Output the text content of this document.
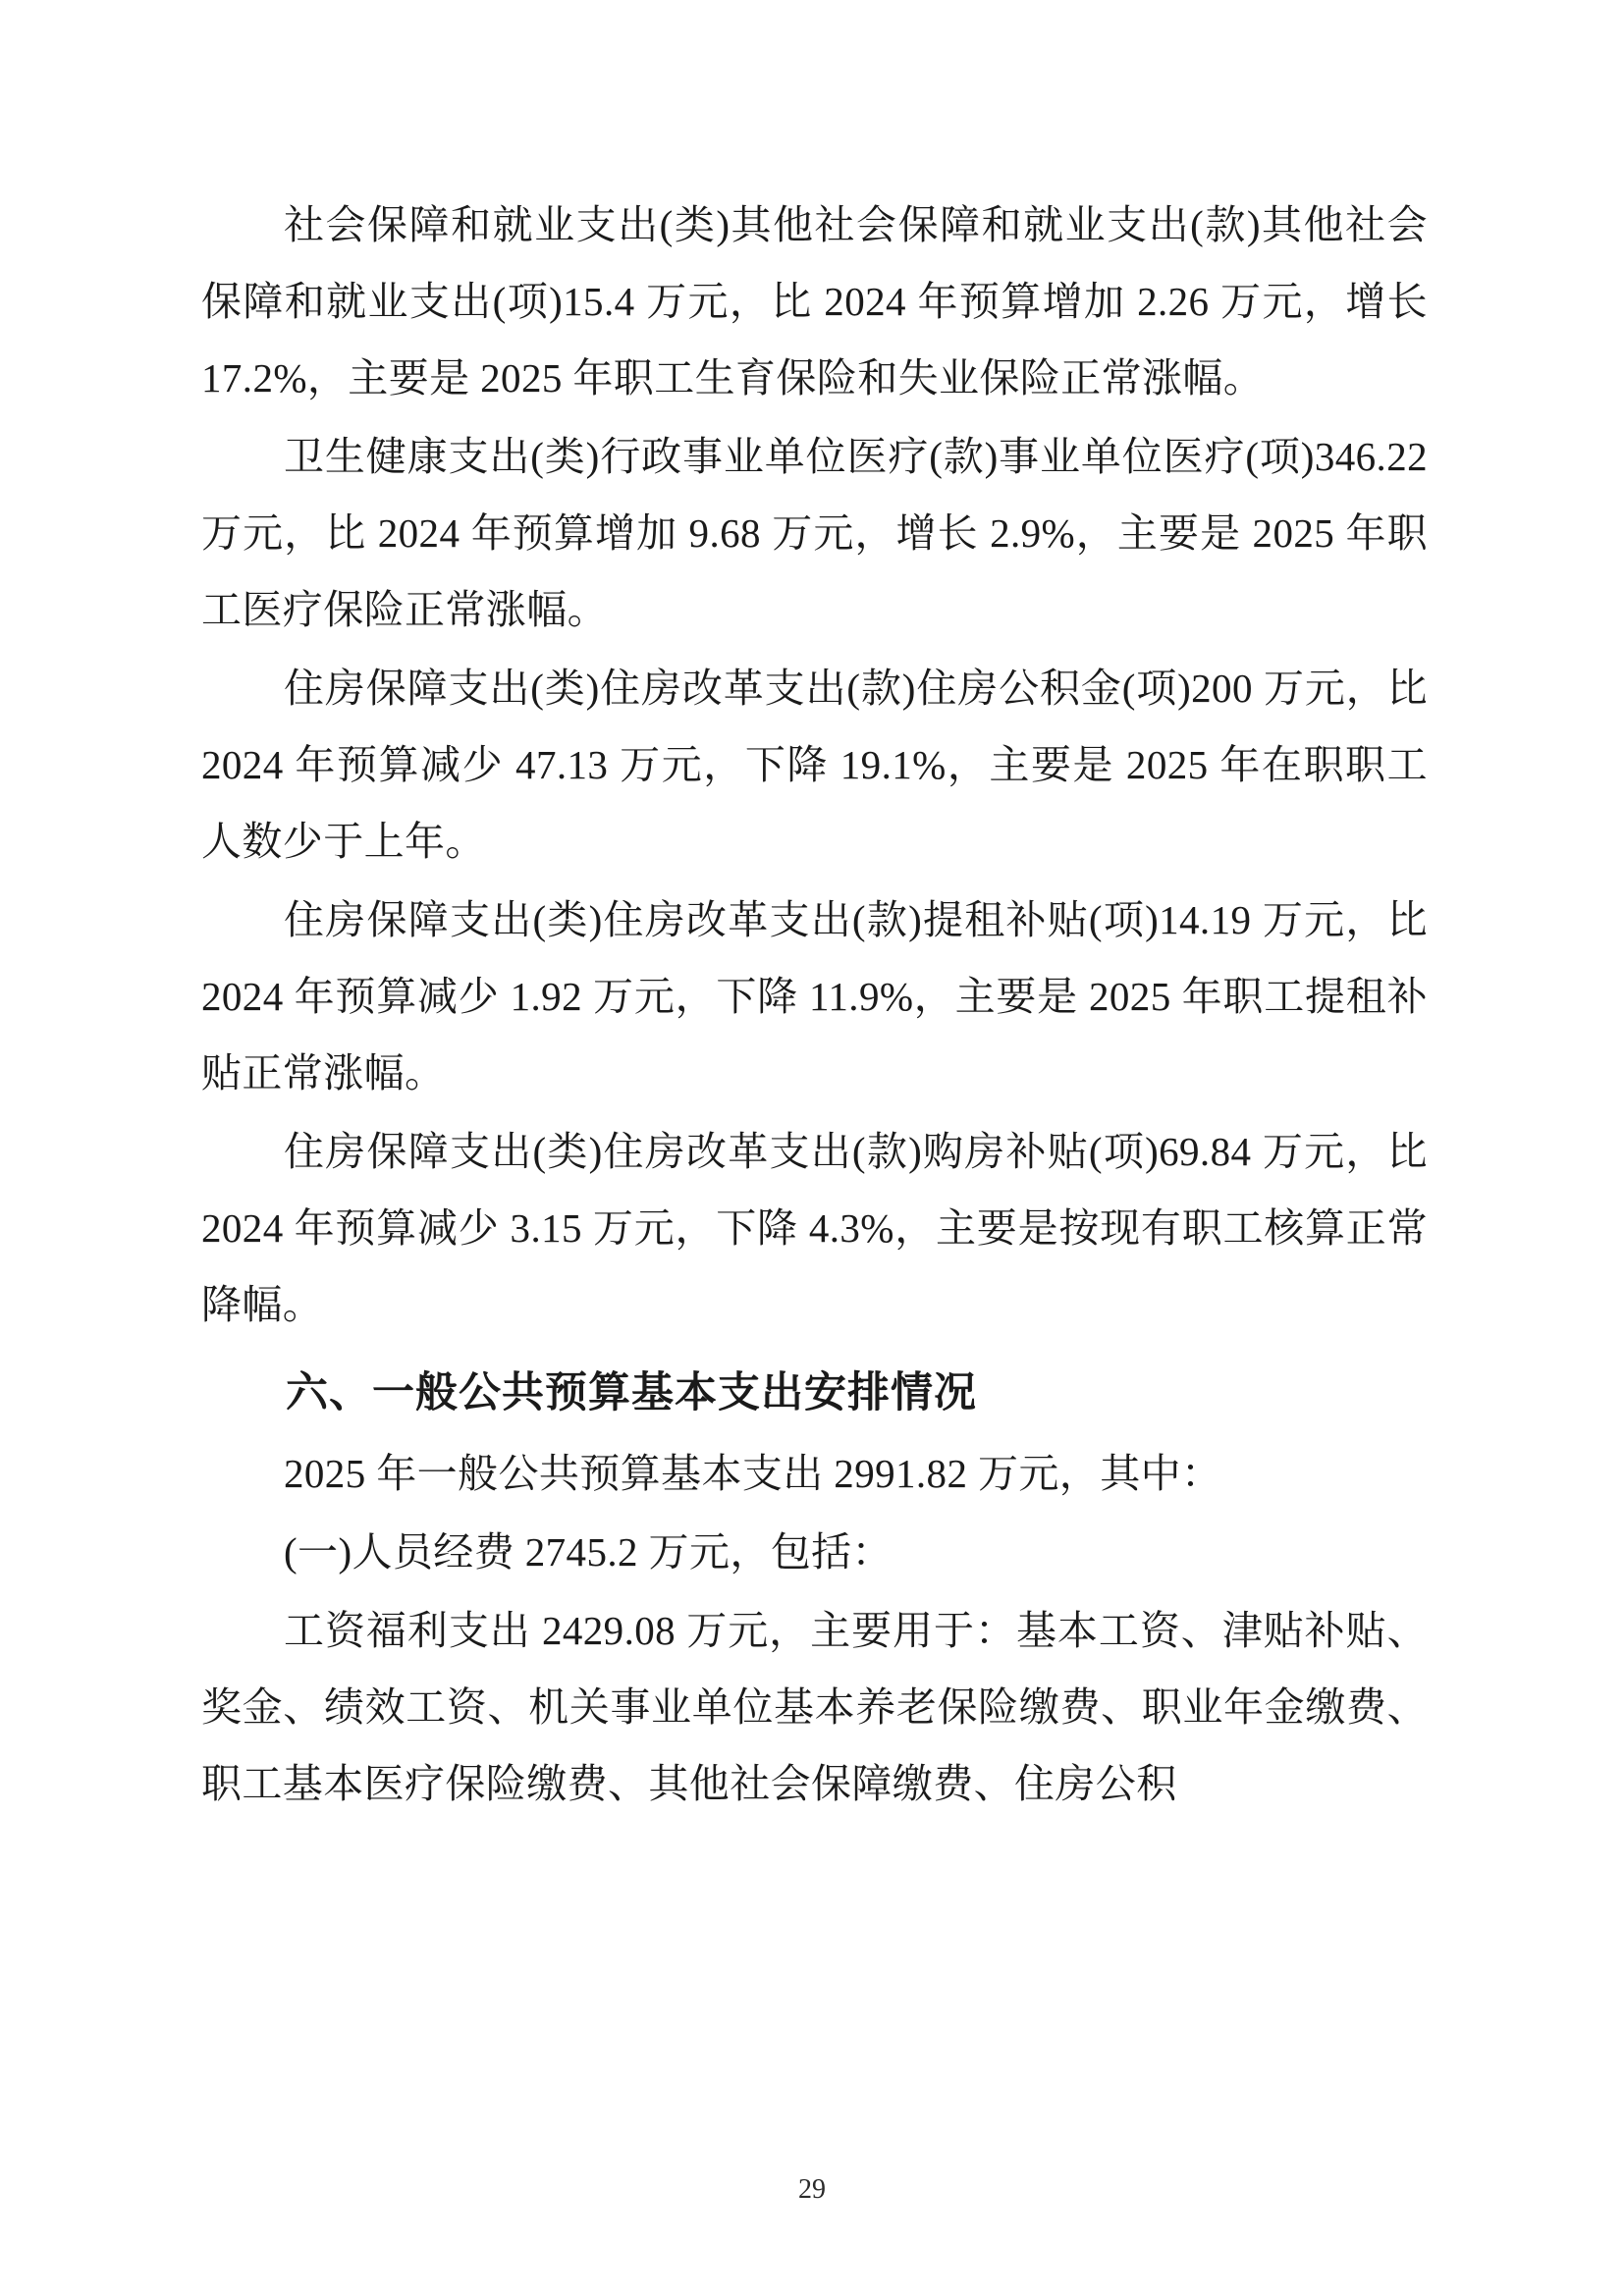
社会保障和就业支出(类)其他社会保障和就业支出(款)其他社会保障和就业支出(项)15.4 万元，比 2024 年预算增加 2.26 万元，增长 17.2%，主要是 2025 年职工生育保险和失业保险正常涨幅。

卫生健康支出(类)行政事业单位医疗(款)事业单位医疗(项)346.22 万元，比 2024 年预算增加 9.68 万元，增长 2.9%，主要是 2025 年职工医疗保险正常涨幅。

住房保障支出(类)住房改革支出(款)住房公积金(项)200 万元，比 2024 年预算减少 47.13 万元，下降 19.1%，主要是 2025 年在职职工人数少于上年。

住房保障支出(类)住房改革支出(款)提租补贴(项)14.19 万元，比 2024 年预算减少 1.92 万元，下降 11.9%，主要是 2025 年职工提租补贴正常涨幅。

住房保障支出(类)住房改革支出(款)购房补贴(项)69.84 万元，比 2024 年预算减少 3.15 万元，下降 4.3%，主要是按现有职工核算正常降幅。

六、一般公共预算基本支出安排情况

2025 年一般公共预算基本支出 2991.82 万元，其中：

(一)人员经费 2745.2 万元，包括：

工资福利支出 2429.08 万元，主要用于：基本工资、津贴补贴、奖金、绩效工资、机关事业单位基本养老保险缴费、职业年金缴费、职工基本医疗保险缴费、其他社会保障缴费、住房公积

29
